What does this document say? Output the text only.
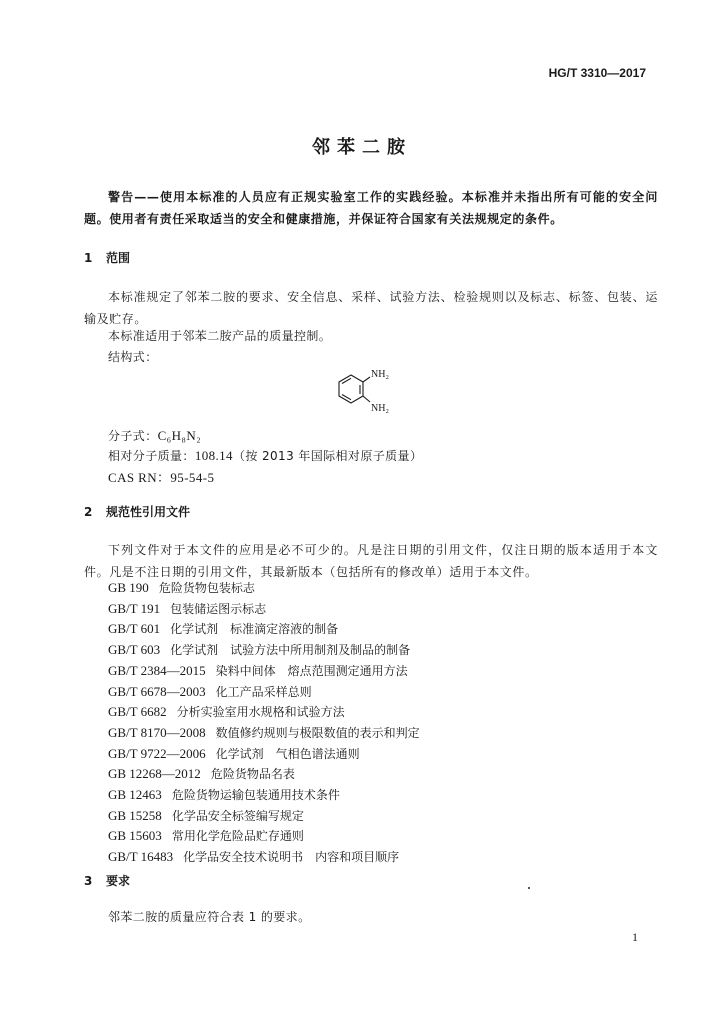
HG/T 3310—2017
邻苯二胺
警告——使用本标准的人员应有正规实验室工作的实践经验。本标准并未指出所有可能的安全问题。使用者有责任采取适当的安全和健康措施，并保证符合国家有关法规规定的条件。
1 范围
本标准规定了邻苯二胺的要求、安全信息、采样、试验方法、检验规则以及标志、标签、包装、运输及贮存。
本标准适用于邻苯二胺产品的质量控制。
结构式：
NH₂
NH₂
分子式：C₆H₈N₂
相对分子质量：108.14（按 2013 年国际相对原子质量）
CAS RN：95-54-5
2 规范性引用文件
下列文件对于本文件的应用是必不可少的。凡是注日期的引用文件，仅注日期的版本适用于本文件。凡是不注日期的引用文件，其最新版本（包括所有的修改单）适用于本文件。
GB 190 危险货物包装标志
GB/T 191 包装储运图示标志
GB/T 601 化学试剂　标准滴定溶液的制备
GB/T 603 化学试剂　试验方法中所用制剂及制品的制备
GB/T 2384—2015 染料中间体　熔点范围测定通用方法
GB/T 6678—2003 化工产品采样总则
GB/T 6682 分析实验室用水规格和试验方法
GB/T 8170—2008 数值修约规则与极限数值的表示和判定
GB/T 9722—2006 化学试剂　气相色谱法通则
GB 12268—2012 危险货物品名表
GB 12463 危险货物运输包装通用技术条件
GB 15258 化学品安全标签编写规定
GB 15603 常用化学危险品贮存通则
GB/T 16483 化学品安全技术说明书　内容和项目顺序
3 要求
邻苯二胺的质量应符合表 1 的要求。
1
